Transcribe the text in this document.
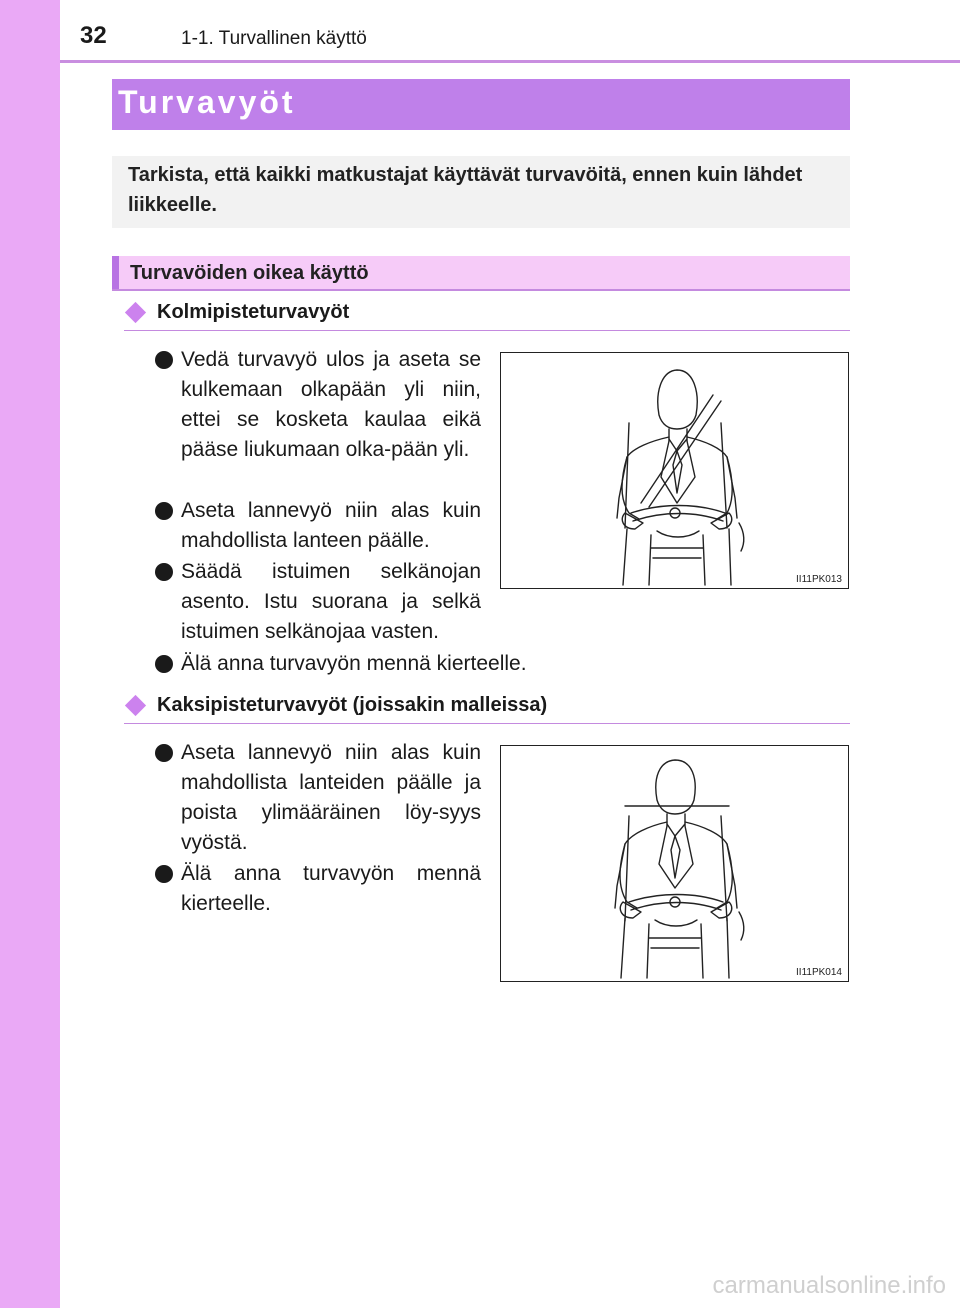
32	1-1. Turvallinen käyttö
Turvavyöt
Tarkista, että kaikki matkustajat käyttävät turvavöitä, ennen kuin lähdet liikkeelle.
Turvavöiden oikea käyttö
Kolmipisteturvavyöt
Vedä turvavyö ulos ja aseta se kulkemaan olkapään yli niin, ettei se kosketa kaulaa eikä pääse liukumaan olka-pään yli.
Aseta lannevyö niin alas kuin mahdollista lanteen päälle.
Säädä istuimen selkänojan asento. Istu suorana ja selkä istuimen selkänojaa vasten.
Älä anna turvavyön mennä kierteelle.
II11PK013
Kaksipisteturvavyöt (joissakin malleissa)
Aseta lannevyö niin alas kuin mahdollista lanteiden päälle ja poista ylimääräinen löy-syys vyöstä.
Älä anna turvavyön mennä kierteelle.
II11PK014
carmanualsonline.info
